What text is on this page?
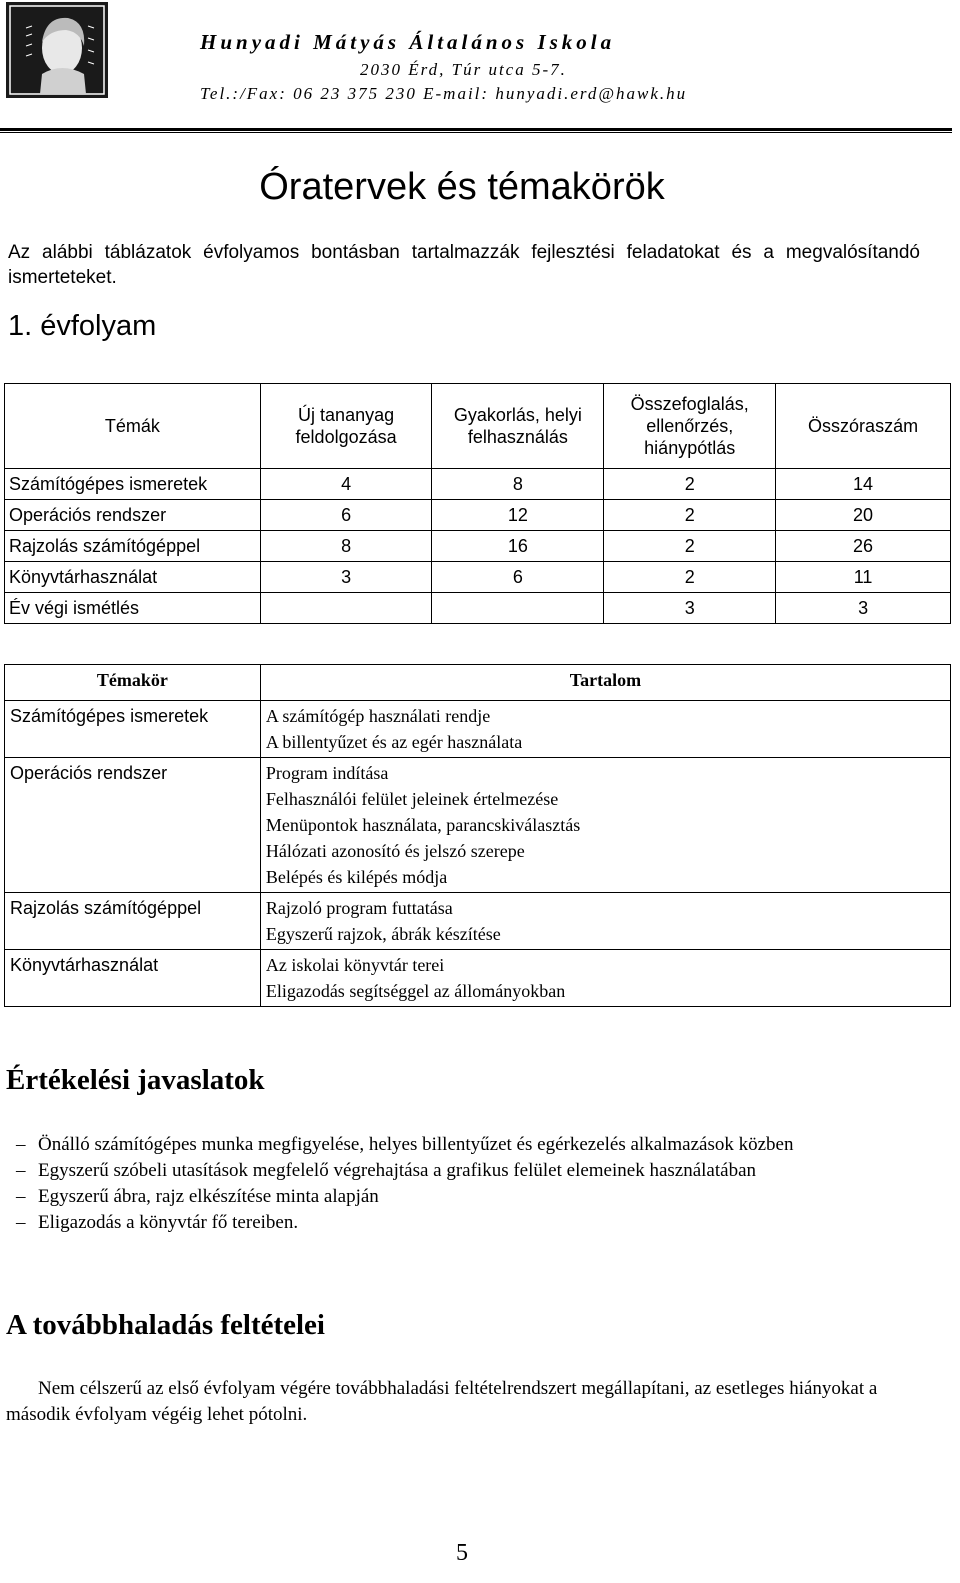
Hunyadi Mátyás Általános Iskola
2030 Érd, Túr utca 5-7.
Tel.:/Fax: 06 23 375 230 E-mail: hunyadi.erd@hawk.hu
Óratervek és témakörök
Az alábbi táblázatok évfolyamos bontásban tartalmazzák fejlesztési feladatokat és a megvalósítandó ismerteteket.
1. évfolyam
Témák	Új tananyag feldolgozása	Gyakorlás, helyi felhasználás	Összefoglalás, ellenőrzés, hiánypótlás	Összóraszám
Számítógépes ismeretek	4	8	2	14
Operációs rendszer	6	12	2	20
Rajzolás számítógéppel	8	16	2	26
Könyvtárhasználat	3	6	2	11
Év végi ismétlés			3	3
Témakör	Tartalom
Számítógépes ismeretek	A számítógép használati rendje
A billentyűzet és az egér használata

Operációs rendszer	Program indítása
Felhasználói felület jeleinek értelmezése
Menüpontok használata, parancskiválasztás
Hálózati azonosító és jelszó szerepe
Belépés és kilépés módja

Rajzolás számítógéppel	Rajzoló program futtatása
Egyszerű rajzok, ábrák készítése

Könyvtárhasználat	Az iskolai könyvtár terei
Eligazodás segítséggel az állományokban
Értékelési javaslatok
– Önálló számítógépes munka megfigyelése, helyes billentyűzet és egérkezelés alkalmazások közben
– Egyszerű szóbeli utasítások megfelelő végrehajtása a grafikus felület elemeinek használatában
– Egyszerű ábra, rajz elkészítése minta alapján
– Eligazodás a könyvtár fő tereiben.
A továbbhaladás feltételei
Nem célszerű az első évfolyam végére továbbhaladási feltételrendszert megállapítani, az esetleges hiányokat a második évfolyam végéig lehet pótolni.
5
